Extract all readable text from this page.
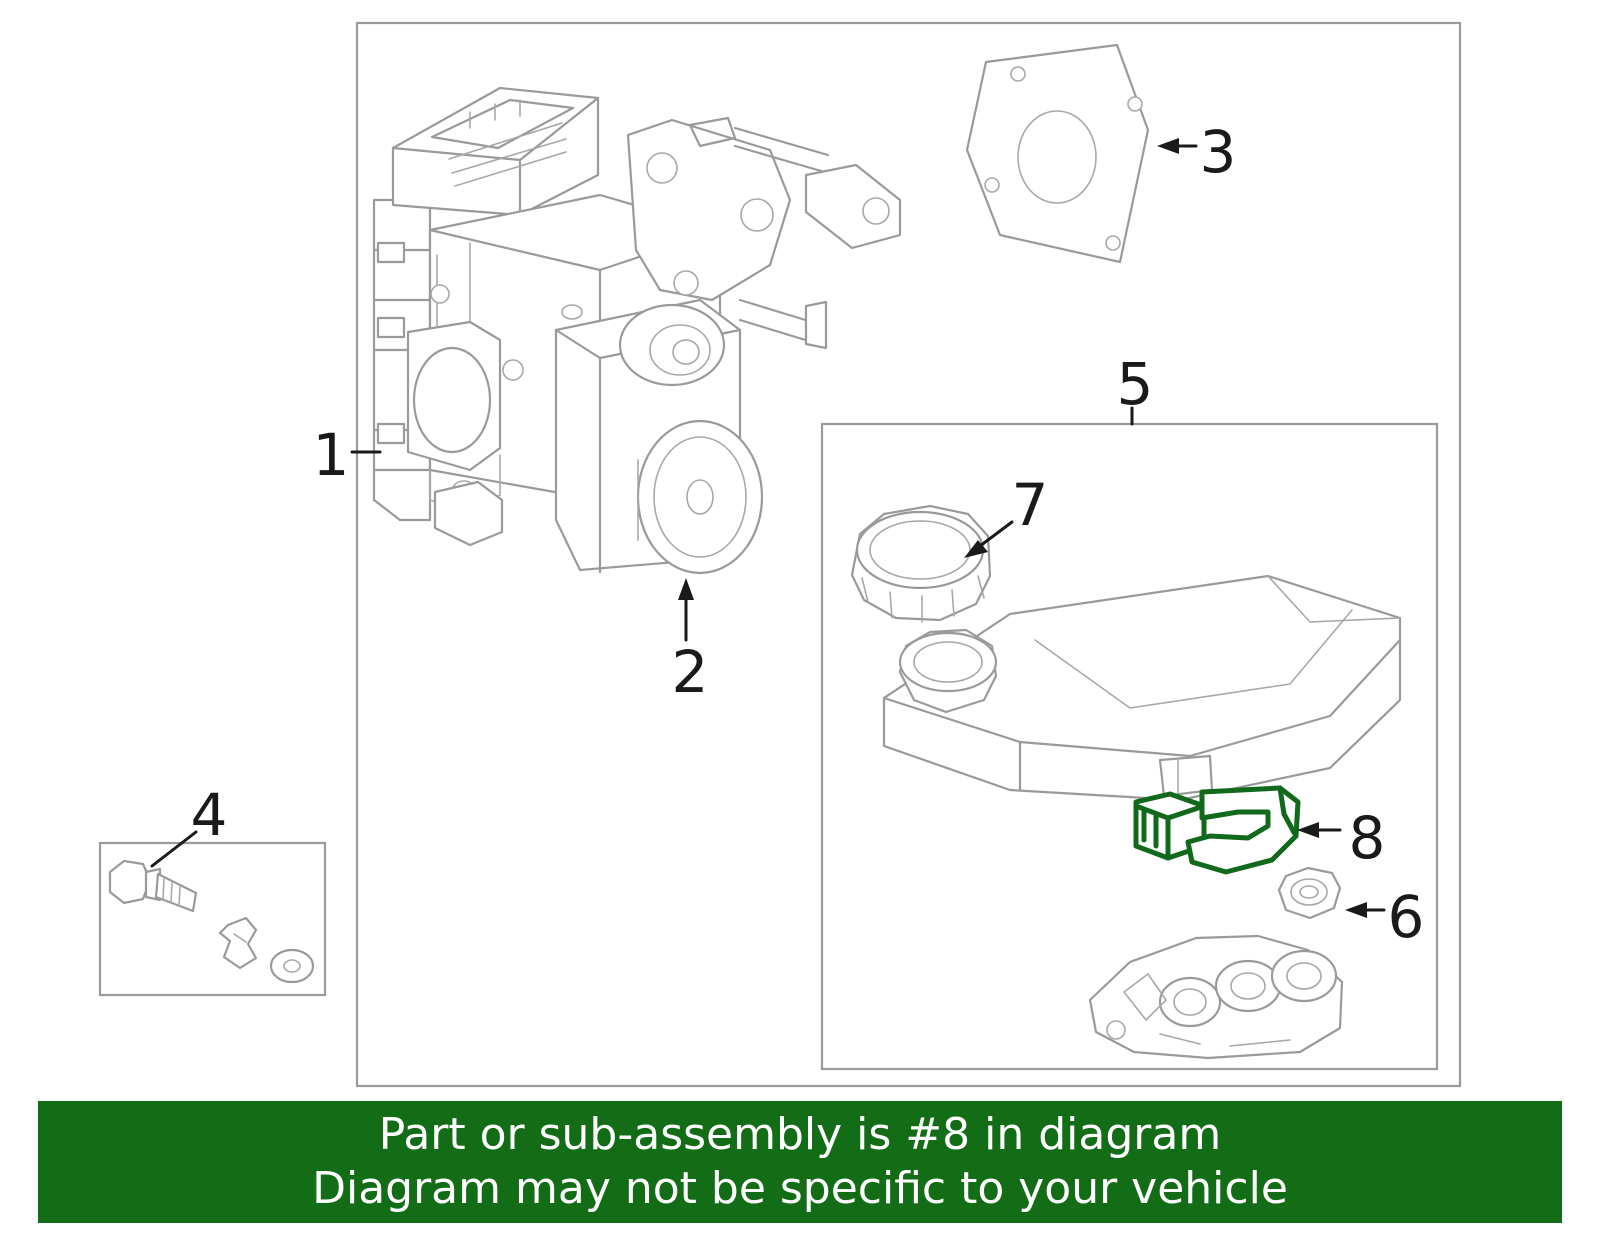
1
2
3
4
5
6
7
8
Part or sub-assembly is #8 in diagram
Diagram may not be specific to your vehicle
